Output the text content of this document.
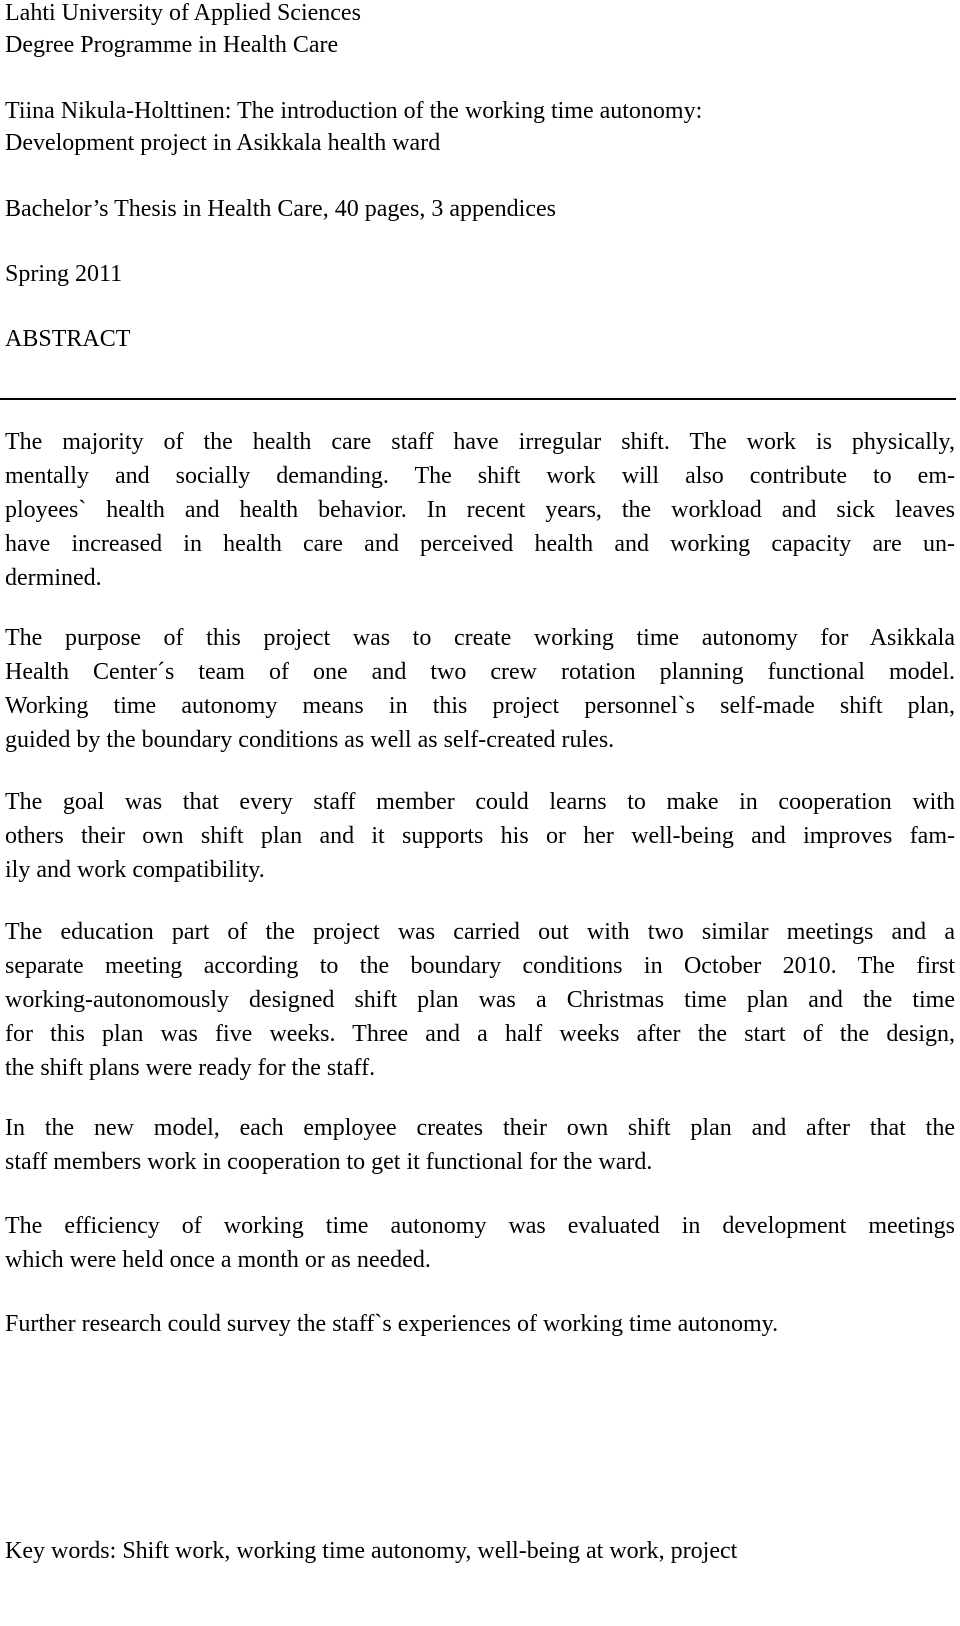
Lahti University of Applied Sciences

Degree Programme in Health Care

Tiina Nikula-Holttinen: The introduction of the working time autonomy:

Development project in Asikkala health ward

Bachelor’s Thesis in Health Care, 40 pages, 3 appendices

Spring 2011

ABSTRACT

The majority of the health care staff have irregular shift. The work is physically,
mentally and socially demanding. The shift work will also contribute to em-
ployees` health and health behavior. In recent years, the workload and sick leaves
have increased in health care and perceived health and working capacity are un-
dermined.
The purpose of this project was to create working time autonomy for Asikkala
Health Center´s team of one and two crew rotation planning functional model.
Working time autonomy means in this project personnel`s self-made shift plan,
guided by the boundary conditions as well as self-created rules.
The goal was that every staff member could learns to make in cooperation with
others their own shift plan and it supports his or her well-being and improves fam-
ily and work compatibility.
The education part of the project was carried out with two similar meetings and a
separate meeting according to the boundary conditions in October 2010. The first
working-autonomously designed shift plan was a Christmas time plan and the time
for this plan was five weeks. Three and a half weeks after the start of the design,
the shift plans were ready for the staff.
In the new model, each employee creates their own shift plan and after that the
staff members work in cooperation to get it functional for the ward.
The efficiency of working time autonomy was evaluated in development meetings
which were held once a month or as needed.
Further research could survey the staff`s experiences of working time autonomy.

Key words: Shift work, working time autonomy, well-being at work, project
